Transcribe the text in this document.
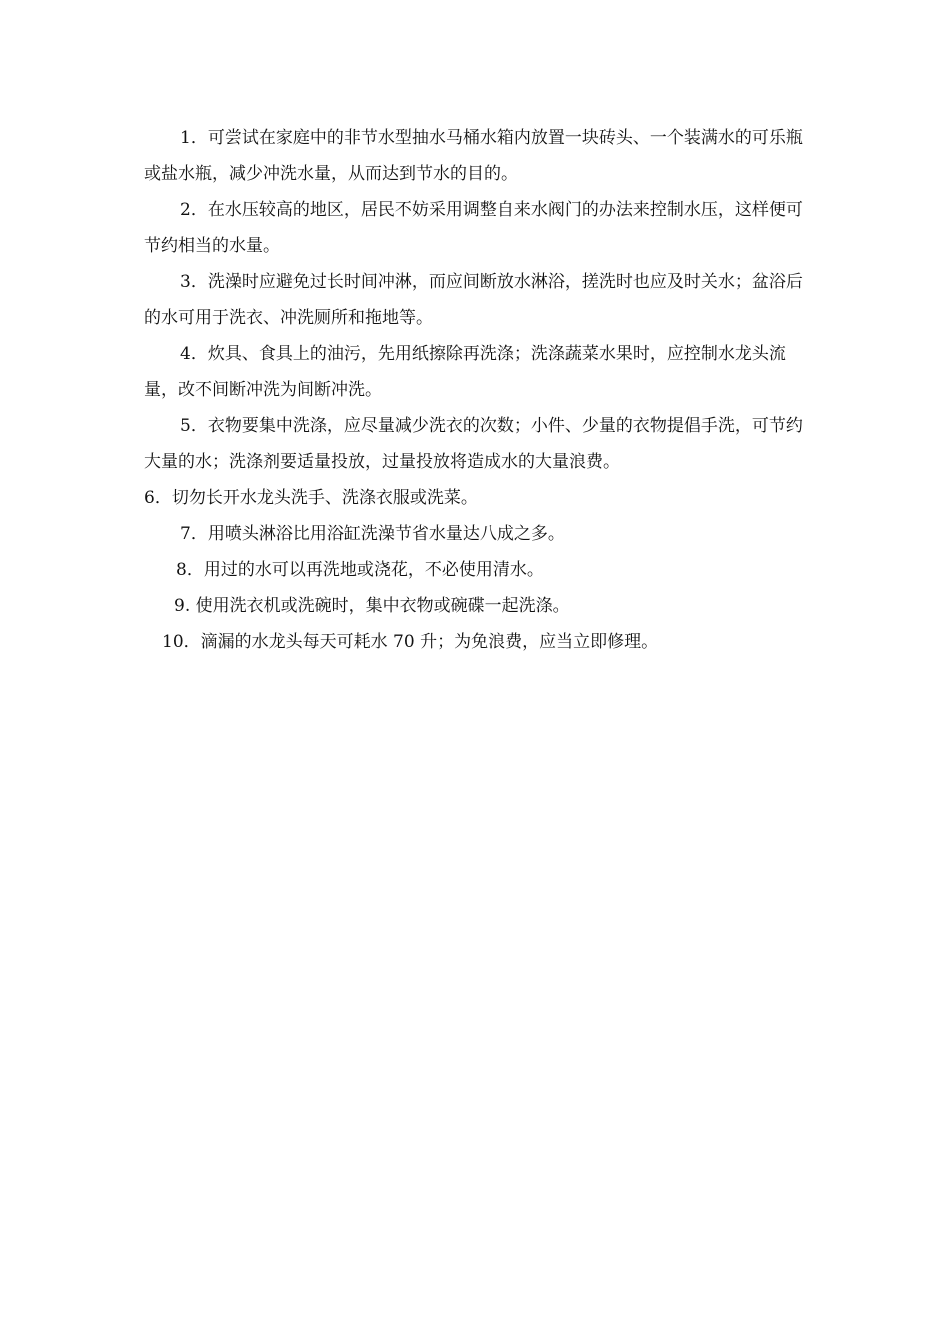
1．可尝试在家庭中的非节水型抽水马桶水箱内放置一块砖头、一个装满水的可乐瓶或盐水瓶，减少冲洗水量，从而达到节水的目的。

2．在水压较高的地区，居民不妨采用调整自来水阀门的办法来控制水压，这样便可节约相当的水量。

3．洗澡时应避免过长时间冲淋，而应间断放水淋浴，搓洗时也应及时关水；盆浴后的水可用于洗衣、冲洗厕所和拖地等。

4．炊具、食具上的油污，先用纸擦除再洗涤；洗涤蔬菜水果时，应控制水龙头流量，改不间断冲洗为间断冲洗。

5．衣物要集中洗涤，应尽量减少洗衣的次数；小件、少量的衣物提倡手洗，可节约大量的水；洗涤剂要适量投放，过量投放将造成水的大量浪费。

6．切勿长开水龙头洗手、洗涤衣服或洗菜。

7．用喷头淋浴比用浴缸洗澡节省水量达八成之多。

8．用过的水可以再洗地或浇花，不必使用清水。

9. 使用洗衣机或洗碗时，集中衣物或碗碟一起洗涤。

10．滴漏的水龙头每天可耗水 70 升；为免浪费，应当立即修理。
